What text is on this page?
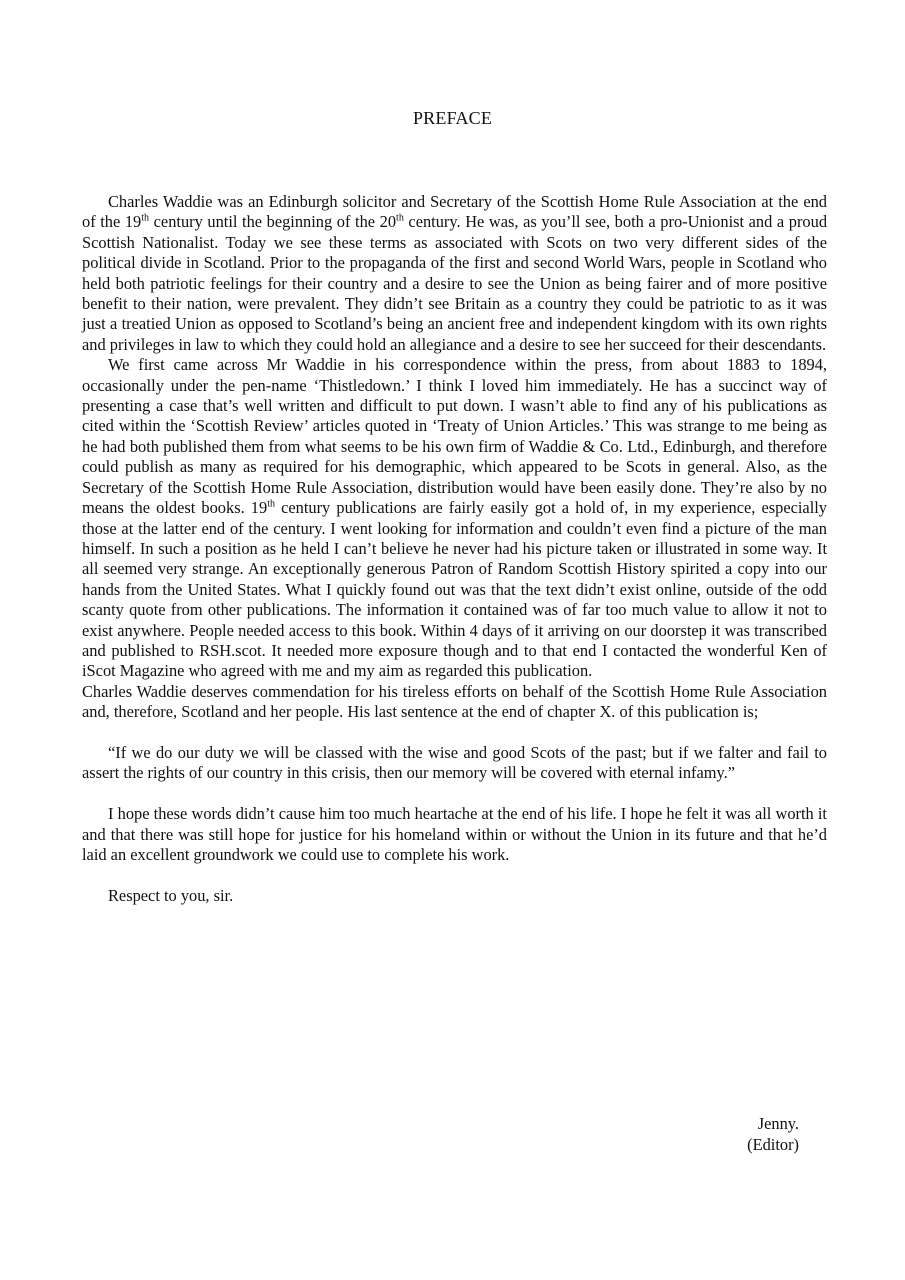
PREFACE

Charles Waddie was an Edinburgh solicitor and Secretary of the Scottish Home Rule Association at the end of the 19th century until the beginning of the 20th century. He was, as you’ll see, both a pro-Unionist and a proud Scottish Nationalist. Today we see these terms as associated with Scots on two very different sides of the political divide in Scotland. Prior to the propaganda of the first and second World Wars, people in Scotland who held both patriotic feelings for their country and a desire to see the Union as being fairer and of more positive benefit to their nation, were prevalent. They didn’t see Britain as a country they could be patriotic to as it was just a treatied Union as opposed to Scotland’s being an ancient free and independent kingdom with its own rights and privileges in law to which they could hold an allegiance and a desire to see her succeed for their descendants.

We first came across Mr Waddie in his correspondence within the press, from about 1883 to 1894, occasionally under the pen-name ‘Thistledown.’ I think I loved him immediately. He has a succinct way of presenting a case that’s well written and difficult to put down. I wasn’t able to find any of his publications as cited within the ‘Scottish Review’ articles quoted in ‘Treaty of Union Articles.’ This was strange to me being as he had both published them from what seems to be his own firm of Waddie & Co. Ltd., Edinburgh, and therefore could publish as many as required for his demographic, which appeared to be Scots in general. Also, as the Secretary of the Scottish Home Rule Association, distribution would have been easily done. They’re also by no means the oldest books. 19th century publications are fairly easily got a hold of, in my experience, especially those at the latter end of the century. I went looking for information and couldn’t even find a picture of the man himself. In such a position as he held I can’t believe he never had his picture taken or illustrated in some way. It all seemed very strange. An exceptionally generous Patron of Random Scottish History spirited a copy into our hands from the United States. What I quickly found out was that the text didn’t exist online, outside of the odd scanty quote from other publications. The information it contained was of far too much value to allow it not to exist anywhere. People needed access to this book. Within 4 days of it arriving on our doorstep it was transcribed and published to RSH.scot. It needed more exposure though and to that end I contacted the wonderful Ken of iScot Magazine who agreed with me and my aim as regarded this publication.

Charles Waddie deserves commendation for his tireless efforts on behalf of the Scottish Home Rule Association and, therefore, Scotland and her people. His last sentence at the end of chapter X. of this publication is;

“If we do our duty we will be classed with the wise and good Scots of the past; but if we falter and fail to assert the rights of our country in this crisis, then our memory will be covered with eternal infamy.”

I hope these words didn’t cause him too much heartache at the end of his life. I hope he felt it was all worth it and that there was still hope for justice for his homeland within or without the Union in its future and that he’d laid an excellent groundwork we could use to complete his work.

Respect to you, sir.

Jenny.
(Editor)
